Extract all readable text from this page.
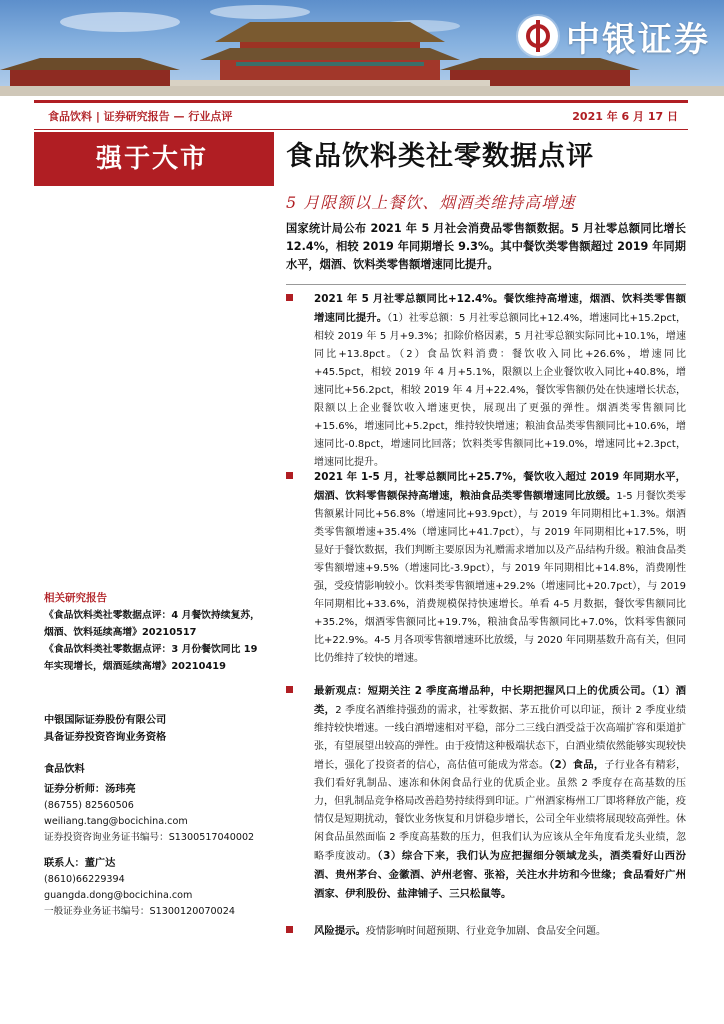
中银证券
食品饮料 | 证券研究报告 — 行业点评	2021 年 6 月 17 日
强于大市	食品饮料类社零数据点评
5 月限额以上餐饮、烟酒类维持高增速
国家统计局公布 2021 年 5 月社会消费品零售额数据。5 月社零总额同比增长 12.4%，相较 2019 年同期增长 9.3%。其中餐饮类零售额超过 2019 年同期水平，烟酒、饮料类零售额增速同比提升。
2021 年 5 月社零总额同比+12.4%。餐饮维持高增速，烟酒、饮料类零售额增速同比提升。（1）社零总额：5 月社零总额同比+12.4%，增速同比+15.2pct，相较 2019 年 5 月+9.3%；扣除价格因素，5 月社零总额实际同比+10.1%，增速同比+13.8pct。（2）食品饮料消费：餐饮收入同比+26.6%，增速同比+45.5pct，相较 2019 年 4 月+5.1%，限额以上企业餐饮收入同比+40.8%，增速同比+56.2pct，相较 2019 年 4 月+22.4%，餐饮零售额仍处在快速增长状态，限额以上企业餐饮收入增速更快，展现出了更强的弹性。烟酒类零售额同比+15.6%，增速同比+5.2pct，维持较快增速；粮油食品类零售额同比+10.6%，增速同比-0.8pct，增速同比回落；饮料类零售额同比+19.0%，增速同比+2.3pct，增速同比提升。
2021 年 1-5 月，社零总额同比+25.7%，餐饮收入超过 2019 年同期水平，烟酒、饮料零售额保持高增速，粮油食品类零售额增速同比放缓。1-5 月餐饮类零售额累计同比+56.8%（增速同比+93.9pct），与 2019 年同期相比+1.3%。烟酒类零售额增速+35.4%（增速同比+41.7pct），与 2019 年同期相比+17.5%，明显好于餐饮数据，我们判断主要原因为礼赠需求增加以及产品结构升级。粮油食品类零售额增速+9.5%（增速同比-3.9pct），与 2019 年同期相比+14.8%，消费刚性强，受疫情影响较小。饮料类零售额增速+29.2%（增速同比+20.7pct），与 2019 年同期相比+33.6%，消费规模保持快速增长。单看 4-5 月数据，餐饮零售额同比+35.2%，烟酒零售额同比+19.7%，粮油食品零售额同比+7.0%，饮料零售额同比+22.9%。4-5 月各项零售额增速环比放缓，与 2020 年同期基数升高有关，但同比仍维持了较快的增速。
最新观点：短期关注 2 季度高增品种，中长期把握风口上的优质公司。（1）酒类，2 季度名酒维持强劲的需求，社零数据、茅五批价可以印证，预计 2 季度业绩维持较快增速。一线白酒增速相对平稳，部分二三线白酒受益于次高端扩容和渠道扩张，有望展望出较高的弹性。由于疫情这种极端状态下，白酒业绩依然能够实现较快增长，强化了投资者的信心，高估值可能成为常态。（2）食品，子行业各有精彩，我们看好乳制品、速冻和休闲食品行业的优质企业。虽然 2 季度存在高基数的压力，但乳制品竞争格局改善趋势持续得到印证。广州酒家梅州工厂即将释放产能，疫情仅是短期扰动，餐饮业务恢复和月饼稳步增长，公司全年业绩将展现较高弹性。休闲食品虽然面临 2 季度高基数的压力，但我们认为应该从全年角度看龙头业绩，忽略季度波动。（3）综合下来，我们认为应把握细分领域龙头，酒类看好山西汾酒、贵州茅台、金徽酒、泸州老窖、张裕，关注水井坊和今世缘；食品看好广州酒家、伊利股份、盐津铺子、三只松鼠等。
风险提示。疫情影响时间超预期、行业竞争加剧、食品安全问题。
相关研究报告
《食品饮料类社零数据点评：4 月餐饮持续复苏，烟酒、饮料延续高增》20210517
《食品饮料类社零数据点评：3 月份餐饮同比 19 年实现增长，烟酒延续高增》20210419
中银国际证券股份有限公司
具备证券投资咨询业务资格
食品饮料
证券分析师：汤玮亮
(86755) 82560506
weiliang.tang@bocichina.com
证券投资咨询业务证书编号：S1300517040002
联系人：董广达
(8610)66229394
guangda.dong@bocichina.com
一般证券业务证书编号：S1300120070024
